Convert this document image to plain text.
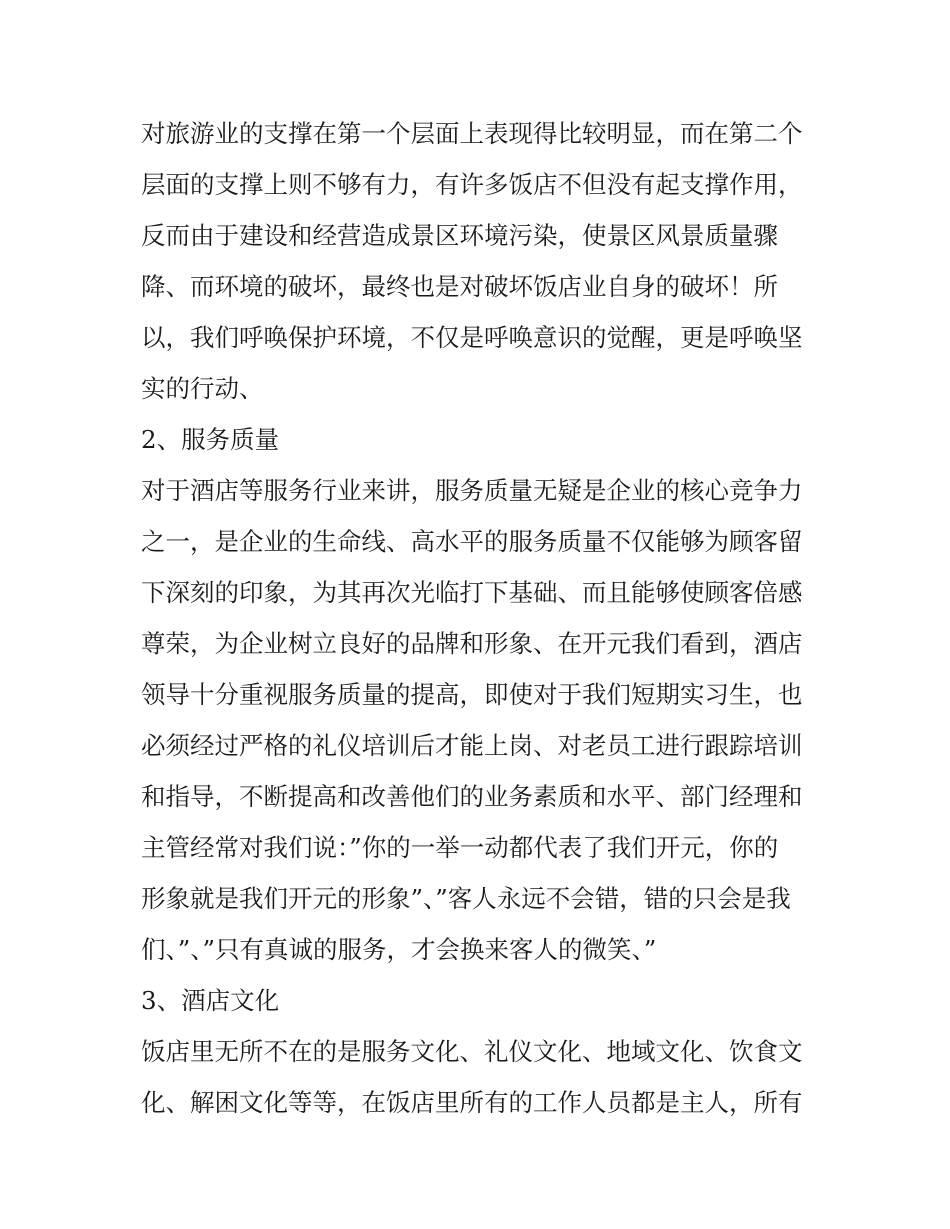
对旅游业的支撑在第一个层面上表现得比较明显，而在第二个
层面的支撑上则不够有力，有许多饭店不但没有起支撑作用，
反而由于建设和经营造成景区环境污染，使景区风景质量骤
降、而环境的破坏，最终也是对破坏饭店业自身的破坏！所
以，我们呼唤保护环境，不仅是呼唤意识的觉醒，更是呼唤坚
实的行动、
2、服务质量
对于酒店等服务行业来讲，服务质量无疑是企业的核心竞争力
之一，是企业的生命线、高水平的服务质量不仅能够为顾客留
下深刻的印象，为其再次光临打下基础、而且能够使顾客倍感
尊荣，为企业树立良好的品牌和形象、在开元我们看到，酒店
领导十分重视服务质量的提高，即使对于我们短期实习生，也
必须经过严格的礼仪培训后才能上岗、对老员工进行跟踪培训
和指导，不断提高和改善他们的业务素质和水平、部门经理和
主管经常对我们说：”你的一举一动都代表了我们开元，你的
形象就是我们开元的形象”、”客人永远不会错，错的只会是我
们、”、”只有真诚的服务，才会换来客人的微笑、”
3、酒店文化
饭店里无所不在的是服务文化、礼仪文化、地域文化、饮食文
化、解困文化等等，在饭店里所有的工作人员都是主人，所有
